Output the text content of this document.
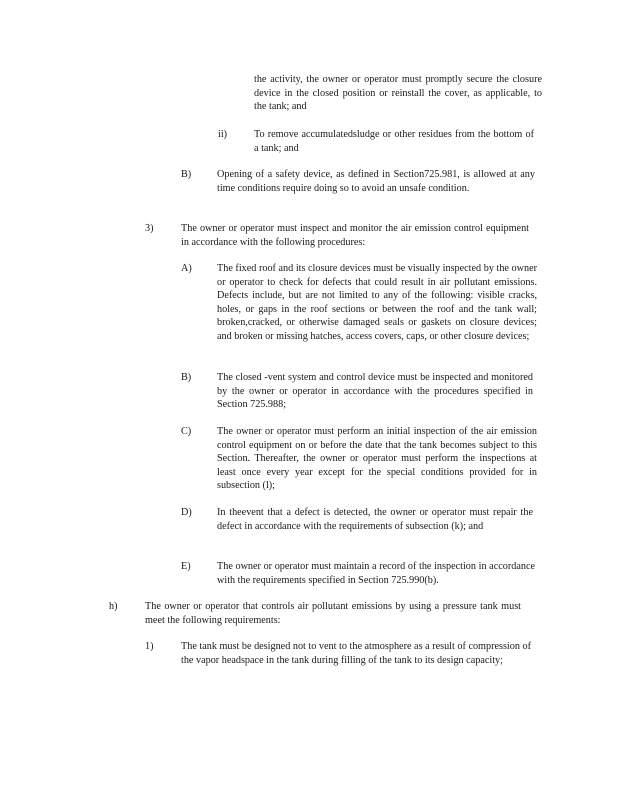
the activity, the owner or operator must promptly secure the closure device in the closed position or reinstall the cover, as applicable, to the tank; and

ii)	To remove accumulatedsludge or other residues from the bottom of a tank; and

B)	Opening of a safety device, as defined in Section725.981, is allowed at any time conditions require doing so to avoid an unsafe condition.

3)	The owner or operator must inspect and monitor the air emission control equipment in accordance with the following procedures:

A) The fixed roof and its closure devices must be visually inspected by the owner or operator to check for defects that could result in air pollutant emissions. Defects include, but are not limited to any of the following: visible cracks, holes, or gaps in the roof sections or between the roof and the tank wall; broken,cracked, or otherwise damaged seals or gaskets on closure devices; and broken or missing hatches, access covers, caps, or other closure devices;

B)	The closed -vent system and control device must be inspected and monitored by the owner or operator in accordance with the procedures specified in Section 725.988;

C)	The owner or operator must perform an initial inspection of the air emission control equipment on or before the date that the tank becomes subject to this Section. Thereafter, the owner or operator must perform the inspections at least once every year except for the special conditions provided for in subsection (l);

D) In theevent that a defect is detected, the owner or operator must repair the defect in accordance with the requirements of subsection (k); and

E)	The owner or operator must maintain a record of the inspection in accordance with the requirements specified in Section 725.990(b).

h)	The owner or operator that controls air pollutant emissions by using a pressure tank must meet the following requirements:

1)	The tank must be designed not to vent to the atmosphere as a result of compression of the vapor headspace in the tank during filling of the tank to its design capacity;
